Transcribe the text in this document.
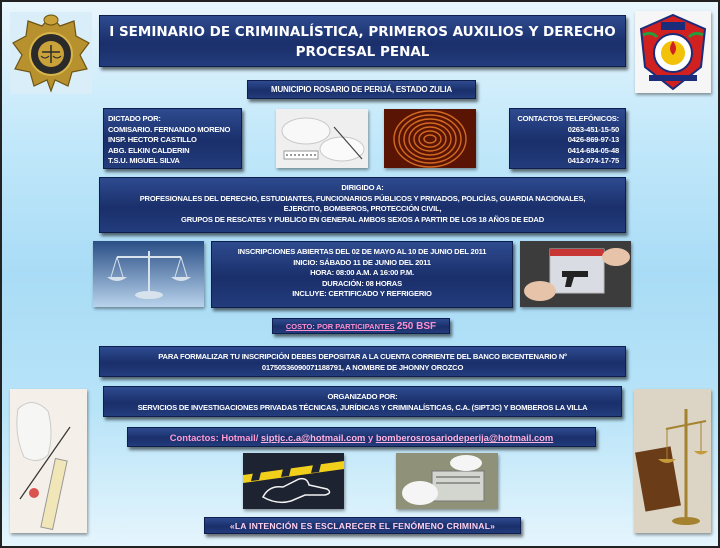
I SEMINARIO DE CRIMINALÍSTICA, PRIMEROS AUXILIOS Y DERECHO
PROCESAL PENAL
MUNICIPIO ROSARIO DE PERIJÁ, ESTADO ZULIA
DICTADO POR:
COMISARIO. FERNANDO MORENO
INSP. HECTOR CASTILLO
ABG. ELKIN CALDERIN
T.S.U. MIGUEL SILVA
CONTACTOS TELEFÓNICOS:
0263-451-15-50
0426-869-97-13
0414-684-05-48
0412-074-17-75
DIRIGIDO A:
PROFESIONALES DEL DERECHO, ESTUDIANTES, FUNCIONARIOS PÚBLICOS Y PRIVADOS, POLICÍAS, GUARDIA NACIONALES,
EJERCITO, BOMBEROS, PROTECCIÓN CIVIL,
GRUPOS DE RESCATES Y PUBLICO EN GENERAL AMBOS SEXOS A PARTIR DE LOS 18 AÑOS DE EDAD
INSCRIPCIONES ABIERTAS DEL 02 DE MAYO AL 10 DE JUNIO DEL 2011
INICIO: SÁBADO 11 DE JUNIO DEL 2011
HORA: 08:00 A.M. A 16:00 P.M.
DURACIÓN: 08 HORAS
INCLUYE: CERTIFICADO Y REFRIGERIO
COSTO: POR PARTICIPANTES 250 BSF
PARA FORMALIZAR TU INSCRIPCIÓN DEBES DEPOSITAR A LA CUENTA CORRIENTE DEL BANCO BICENTENARIO Nº
01750536090071188791, A NOMBRE DE JHONNY OROZCO
ORGANIZADO POR:
SERVICIOS DE INVESTIGACIONES PRIVADAS TÉCNICAS, JURÍDICAS Y CRIMINALÍSTICAS, C.A. (SIPTJC) Y BOMBEROS LA VILLA
Contactos: Hotmail/ siptjc.c.a@hotmail.com y bomberosrosariodeperija@hotmail.com
«LA INTENCIÓN ES ESCLARECER EL FENÓMENO CRIMINAL»
